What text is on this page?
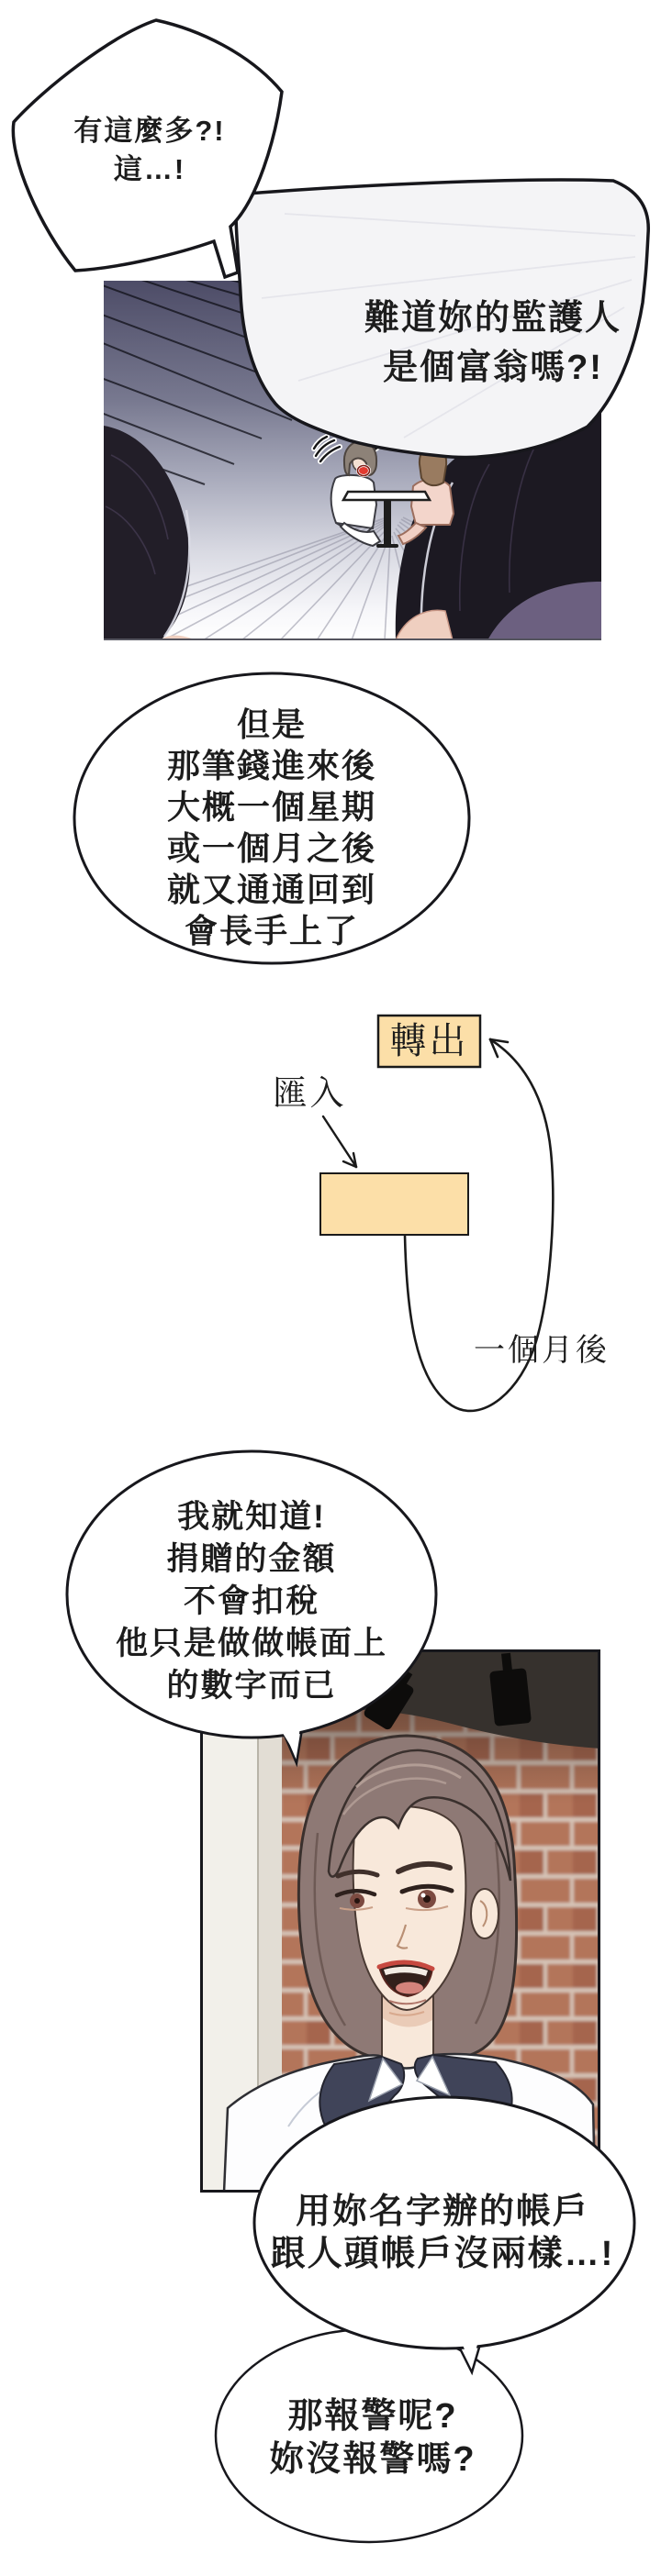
難道妳的監護人
是個富翁嗎?!
有這麼多?!
這…!
但是
那筆錢進來後
大概一個星期
或一個月之後
就又通通回到
會長手上了
轉出
匯入
一個月後
我就知道!
捐贈的金額
不會扣稅
他只是做做帳面上
的數字而已
用妳名字辦的帳戶
跟人頭帳戶沒兩樣…!
那報警呢?
妳沒報警嗎?
